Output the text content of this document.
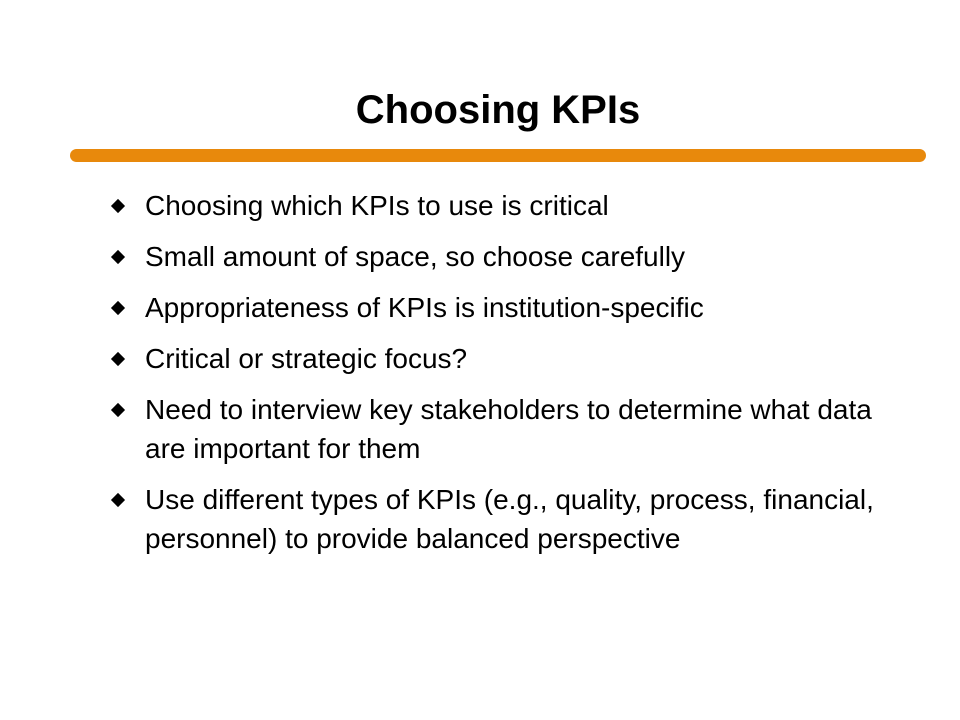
Choosing KPIs
Choosing which KPIs to use is critical
Small amount of space, so choose carefully
Appropriateness of KPIs is institution-specific
Critical or strategic focus?
Need to interview key stakeholders to determine what data are important for them
Use different types of KPIs (e.g., quality, process, financial, personnel) to provide balanced perspective
